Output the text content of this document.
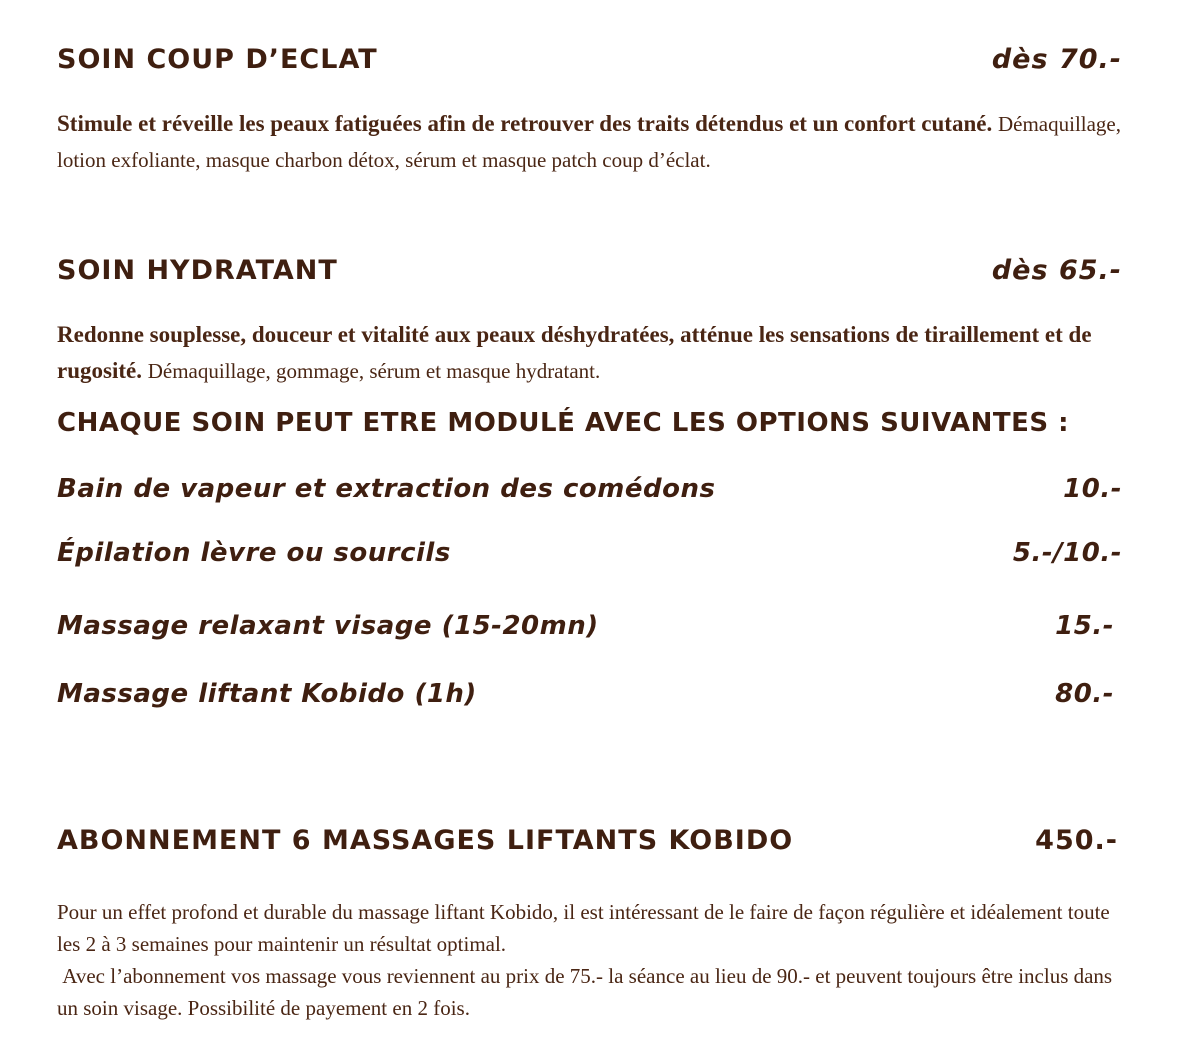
SOIN COUP D’ECLAT	dès 70.-
Stimule et réveille les peaux fatiguées afin de retrouver des traits détendus et un confort cutané. Démaquillage, lotion exfoliante, masque charbon détox, sérum et masque patch coup d’éclat.
SOIN HYDRATANT	dès 65.-
Redonne souplesse, douceur et vitalité aux peaux déshydratées, atténue les sensations de tiraillement et de rugosité. Démaquillage, gommage, sérum et masque hydratant.
CHAQUE SOIN PEUT ETRE MODULÉ AVEC LES OPTIONS SUIVANTES :
Bain de vapeur et extraction des comédons	10.-
Épilation lèvre ou sourcils	5.-/10.-
Massage relaxant visage (15-20mn)	15.-
Massage liftant Kobido (1h)	80.-
ABONNEMENT 6 MASSAGES LIFTANTS KOBIDO	450.-

Pour un effet profond et durable du massage liftant Kobido, il est intéressant de le faire de façon régulière et idéalement toute les 2 à 3 semaines pour maintenir un résultat optimal.

Avec l’abonnement vos massage vous reviennent au prix de 75.- la séance au lieu de 90.- et peuvent toujours être inclus dans un soin visage. Possibilité de payement en 2 fois.
